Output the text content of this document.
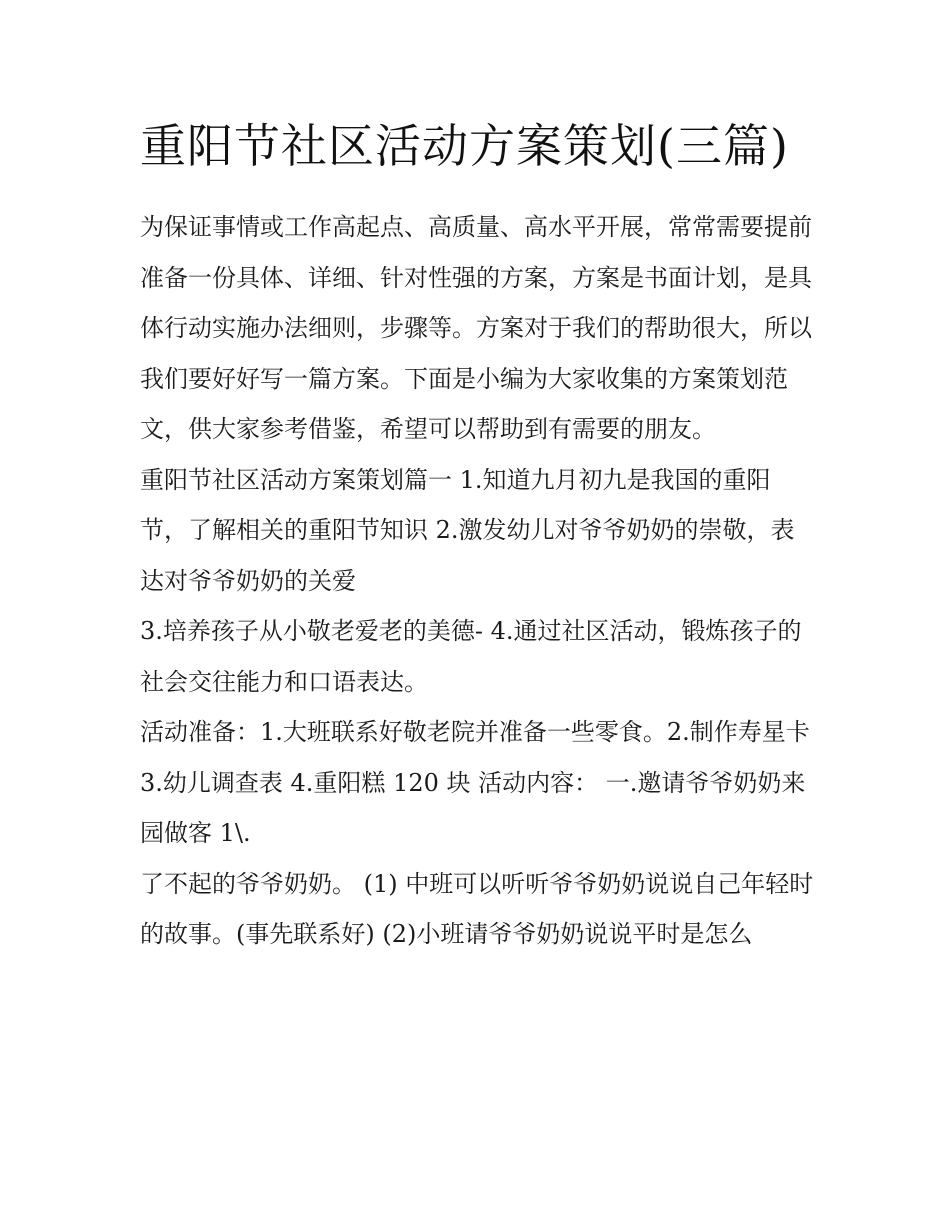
重阳节社区活动方案策划(三篇)

为保证事情或工作高起点、高质量、高水平开展，常常需要提前准备一份具体、详细、针对性强的方案，方案是书面计划，是具体行动实施办法细则，步骤等。方案对于我们的帮助很大，所以我们要好好写一篇方案。下面是小编为大家收集的方案策划范文，供大家参考借鉴，希望可以帮助到有需要的朋友。

重阳节社区活动方案策划篇一 1.知道九月初九是我国的重阳节，了解相关的重阳节知识 2.激发幼儿对爷爷奶奶的崇敬，表达对爷爷奶奶的关爱

3.培养孩子从小敬老爱老的美德- 4.通过社区活动，锻炼孩子的社会交往能力和口语表达。

活动准备：1.大班联系好敬老院并准备一些零食。2.制作寿星卡 3.幼儿调查表 4.重阳糕 120 块 活动内容： 一.邀请爷爷奶奶来园做客 1\.

了不起的爷爷奶奶。 (1) 中班可以听听爷爷奶奶说说自己年轻时的故事。(事先联系好) (2)小班请爷爷奶奶说说平时是怎么
